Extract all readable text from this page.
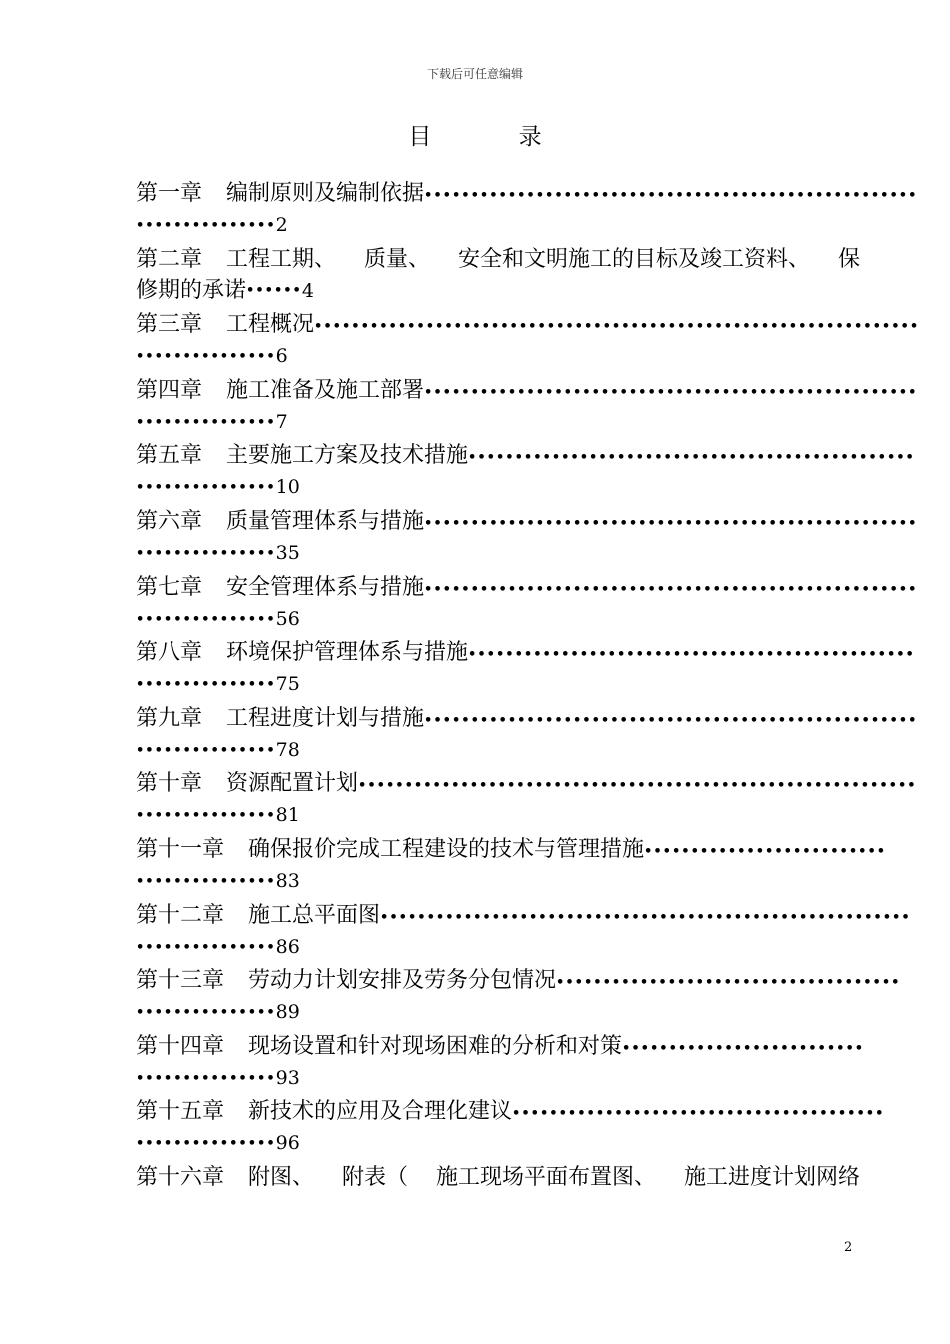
下载后可任意编辑
目 录
第一章 编制原则及编制依据•••••••••••••••••••••••••••••••••••••••••••••••••••••
•••••••••••••••2
第二章 工程工期、 质量、 安全和文明施工的目标及竣工资料、 保
修期的承诺••••••4
第三章 工程概况•••••••••••••••••••••••••••••••••••••••••••••••••••••••••••••••••
•••••••••••••••6
第四章 施工准备及施工部署•••••••••••••••••••••••••••••••••••••••••••••••••••••
•••••••••••••••7
第五章 主要施工方案及技术措施••••••••••••••••••••••••••••••••••••••••••••••••
•••••••••••••••10
第六章 质量管理体系与措施•••••••••••••••••••••••••••••••••••••••••••••••••••••
•••••••••••••••35
第七章 安全管理体系与措施•••••••••••••••••••••••••••••••••••••••••••••••••••••
•••••••••••••••56
第八章 环境保护管理体系与措施••••••••••••••••••••••••••••••••••••••••••••••••
•••••••••••••••75
第九章 工程进度计划与措施•••••••••••••••••••••••••••••••••••••••••••••••••••••
•••••••••••••••78
第十章 资源配置计划••••••••••••••••••••••••••••••••••••••••••••••••••••••••••••
•••••••••••••••81
第十一章 确保报价完成工程建设的技术与管理措施••••••••••••••••••••••••••
•••••••••••••••83
第十二章 施工总平面图•••••••••••••••••••••••••••••••••••••••••••••••••••••••••
•••••••••••••••86
第十三章 劳动力计划安排及劳务分包情况•••••••••••••••••••••••••••••••••••••
•••••••••••••••89
第十四章 现场设置和针对现场困难的分析和对策••••••••••••••••••••••••••
•••••••••••••••93
第十五章 新技术的应用及合理化建议••••••••••••••••••••••••••••••••••••••••
•••••••••••••••96
第十六章 附图、 附表（ 施工现场平面布置图、 施工进度计划网络
2
